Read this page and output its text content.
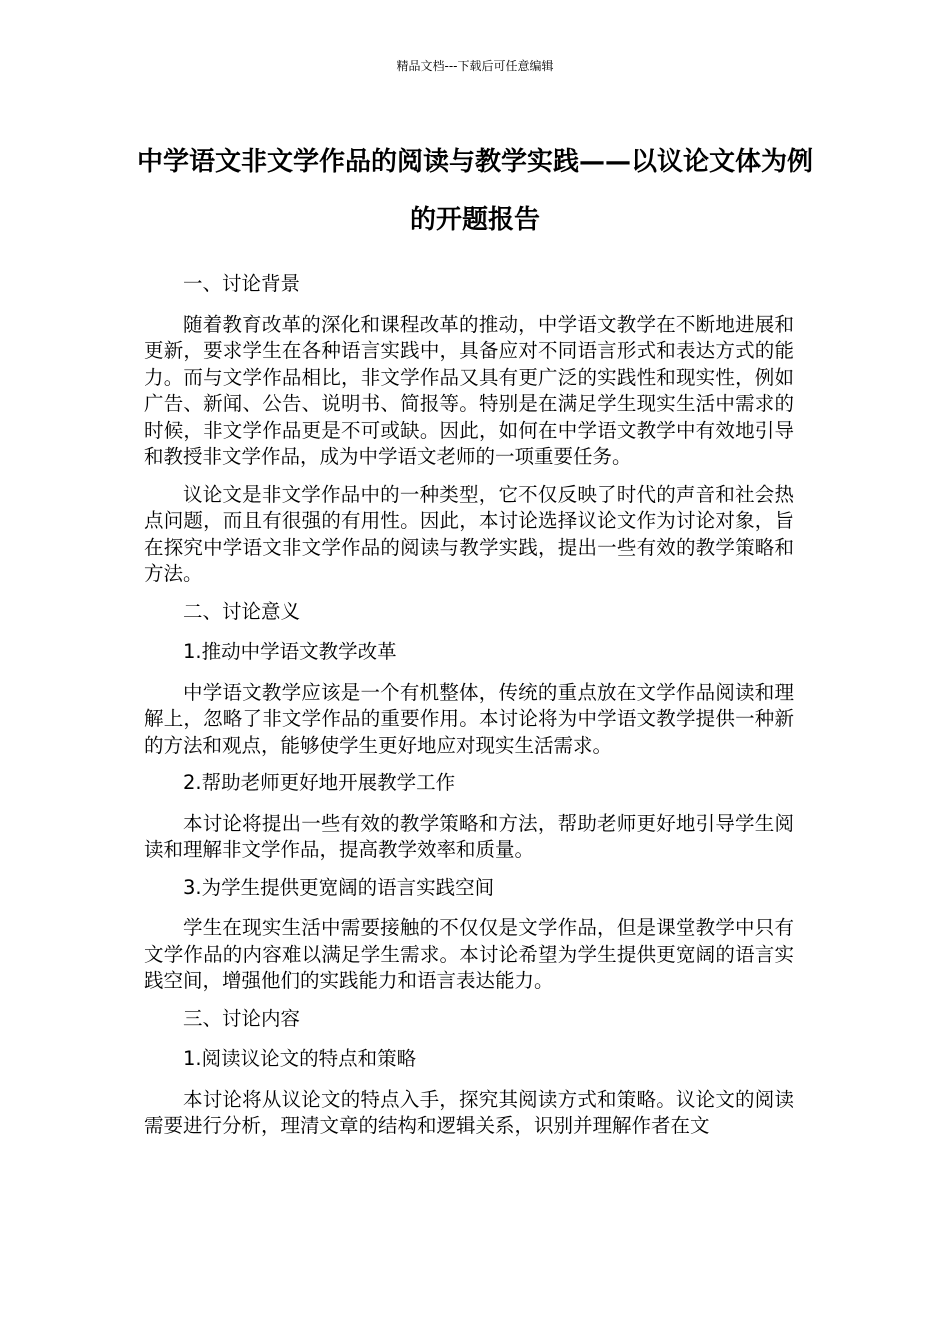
精品文档---下载后可任意编辑
中学语文非文学作品的阅读与教学实践——以议论文体为例的开题报告

一、讨论背景

随着教育改革的深化和课程改革的推动，中学语文教学在不断地进展和更新，要求学生在各种语言实践中，具备应对不同语言形式和表达方式的能力。而与文学作品相比，非文学作品又具有更广泛的实践性和现实性，例如广告、新闻、公告、说明书、简报等。特别是在满足学生现实生活中需求的时候，非文学作品更是不可或缺。因此，如何在中学语文教学中有效地引导和教授非文学作品，成为中学语文老师的一项重要任务。

议论文是非文学作品中的一种类型，它不仅反映了时代的声音和社会热点问题，而且有很强的有用性。因此，本讨论选择议论文作为讨论对象，旨在探究中学语文非文学作品的阅读与教学实践，提出一些有效的教学策略和方法。

二、讨论意义

1.推动中学语文教学改革

中学语文教学应该是一个有机整体，传统的重点放在文学作品阅读和理解上，忽略了非文学作品的重要作用。本讨论将为中学语文教学提供一种新的方法和观点，能够使学生更好地应对现实生活需求。

2.帮助老师更好地开展教学工作

本讨论将提出一些有效的教学策略和方法，帮助老师更好地引导学生阅读和理解非文学作品，提高教学效率和质量。

3.为学生提供更宽阔的语言实践空间

学生在现实生活中需要接触的不仅仅是文学作品，但是课堂教学中只有文学作品的内容难以满足学生需求。本讨论希望为学生提供更宽阔的语言实践空间，增强他们的实践能力和语言表达能力。

三、讨论内容

1.阅读议论文的特点和策略

本讨论将从议论文的特点入手，探究其阅读方式和策略。议论文的阅读需要进行分析，理清文章的结构和逻辑关系，识别并理解作者在文
